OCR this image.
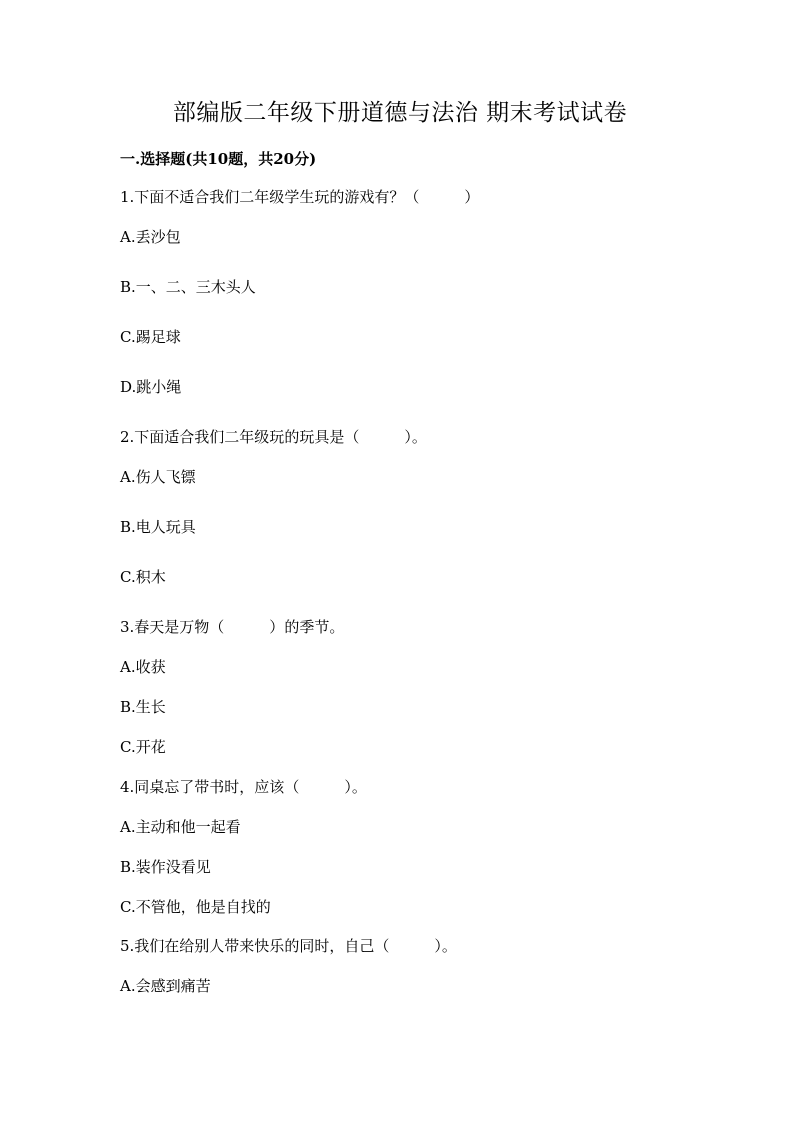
部编版二年级下册道德与法治 期末考试试卷
一.选择题(共10题，共20分)
1.下面不适合我们二年级学生玩的游戏有？（　　　）
A.丢沙包
B.一、二、三木头人
C.踢足球
D.跳小绳
2.下面适合我们二年级玩的玩具是（　　　）。
A.伤人飞镖
B.电人玩具
C.积木
3.春天是万物（　　　）的季节。
A.收获
B.生长
C.开花
4.同桌忘了带书时，应该（　　　）。
A.主动和他一起看
B.装作没看见
C.不管他，他是自找的
5.我们在给别人带来快乐的同时，自己（　　　）。
A.会感到痛苦
